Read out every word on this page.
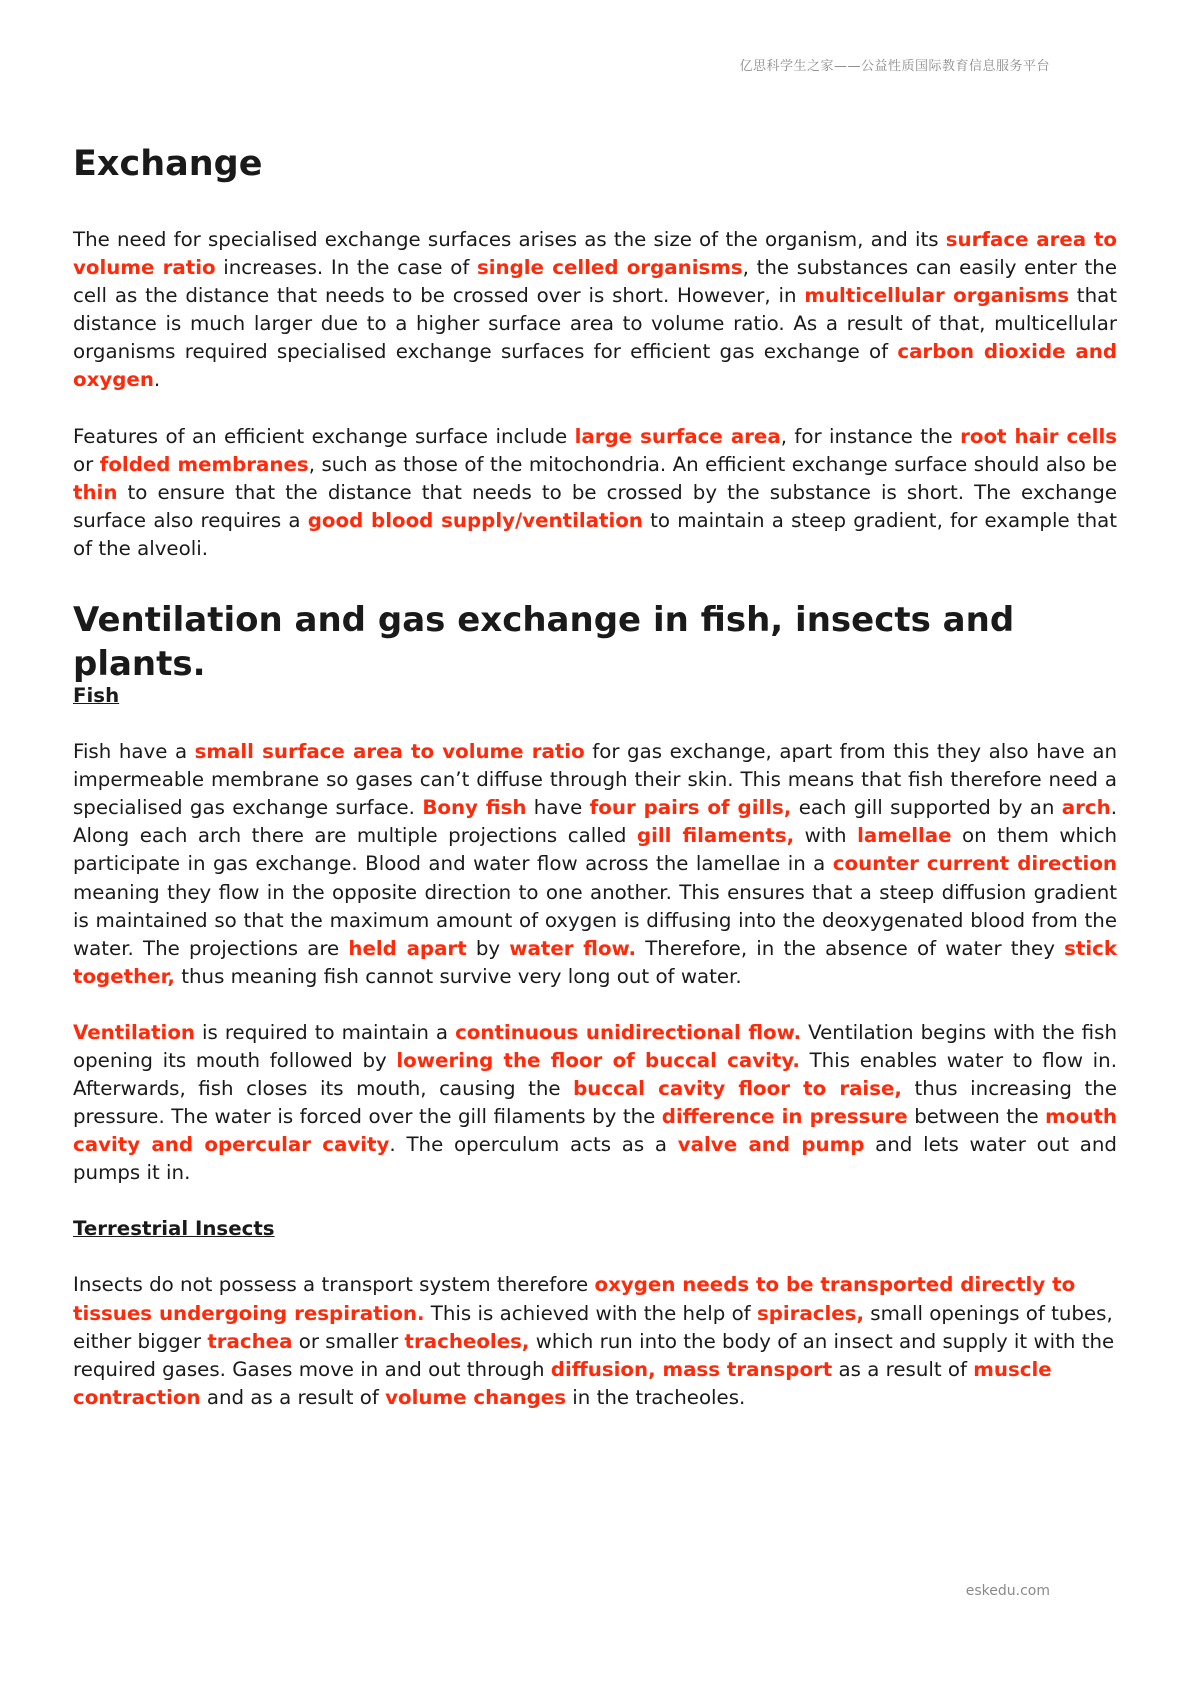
亿思科学生之家——公益性质国际教育信息服务平台
Exchange

The need for specialised exchange surfaces arises as the size of the organism, and its surface area to volume ratio increases. In the case of single celled organisms, the substances can easily enter the cell as the distance that needs to be crossed over is short. However, in multicellular organisms that distance is much larger due to a higher surface area to volume ratio. As a result of that, multicellular organisms required specialised exchange surfaces for efficient gas exchange of carbon dioxide and oxygen.

Features of an efficient exchange surface include large surface area, for instance the root hair cells or folded membranes, such as those of the mitochondria. An efficient exchange surface should also be thin to ensure that the distance that needs to be crossed by the substance is short. The exchange surface also requires a good blood supply/ventilation to maintain a steep gradient, for example that of the alveoli.

Ventilation and gas exchange in fish, insects and plants.
Fish

Fish have a small surface area to volume ratio for gas exchange, apart from this they also have an impermeable membrane so gases can’t diffuse through their skin. This means that fish therefore need a specialised gas exchange surface. Bony fish have four pairs of gills, each gill supported by an arch. Along each arch there are multiple projections called gill filaments, with lamellae on them which participate in gas exchange. Blood and water flow across the lamellae in a counter current direction meaning they flow in the opposite direction to one another. This ensures that a steep diffusion gradient is maintained so that the maximum amount of oxygen is diffusing into the deoxygenated blood from the water. The projections are held apart by water flow. Therefore, in the absence of water they stick together, thus meaning fish cannot survive very long out of water.

Ventilation is required to maintain a continuous unidirectional flow. Ventilation begins with the fish opening its mouth followed by lowering the floor of buccal cavity. This enables water to flow in. Afterwards, fish closes its mouth, causing the buccal cavity floor to raise, thus increasing the pressure. The water is forced over the gill filaments by the difference in pressure between the mouth cavity and opercular cavity. The operculum acts as a valve and pump and lets water out and pumps it in.

Terrestrial Insects

Insects do not possess a transport system therefore oxygen needs to be transported directly to tissues undergoing respiration. This is achieved with the help of spiracles, small openings of tubes, either bigger trachea or smaller tracheoles, which run into the body of an insect and supply it with the required gases. Gases move in and out through diffusion, mass transport as a result of muscle contraction and as a result of volume changes in the tracheoles.

eskedu.com
